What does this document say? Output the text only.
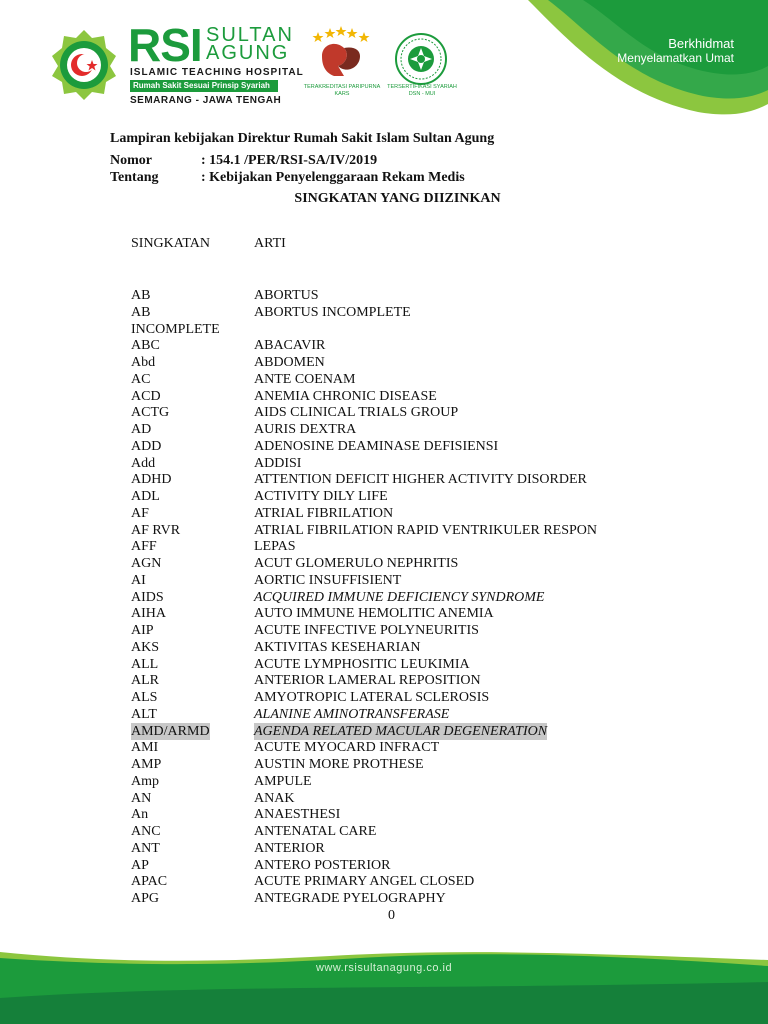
Berkhidmat
Menyelamatkan Umat
RSI SULTAN
AGUNG
ISLAMIC TEACHING HOSPITAL
Rumah Sakit Sesuai Prinsip Syariah
SEMARANG - JAWA TENGAH
TERAKREDITASI PARIPURNA
KARS
TERSERTIFIKASI SYARIAH
DSN - MUI
Lampiran kebijakan Direktur Rumah Sakit Islam Sultan Agung
Nomor	: 154.1 /PER/RSI-SA/IV/2019
Tentang	: Kebijakan Penyelenggaraan Rekam Medis
SINGKATAN YANG DIIZINKAN
SINGKATAN	ARTI
AB	ABORTUS
AB	ABORTUS INCOMPLETE
INCOMPLETE
ABC	ABACAVIR
Abd	ABDOMEN
AC	ANTE COENAM
ACD	ANEMIA CHRONIC DISEASE
ACTG	AIDS CLINICAL TRIALS GROUP
AD	AURIS DEXTRA
ADD	ADENOSINE DEAMINASE DEFISIENSI
Add	ADDISI
ADHD	ATTENTION DEFICIT HIGHER ACTIVITY DISORDER
ADL	ACTIVITY DILY LIFE
AF	ATRIAL FIBRILATION
AF RVR	ATRIAL FIBRILATION RAPID VENTRIKULER RESPON
AFF	LEPAS
AGN	ACUT GLOMERULO NEPHRITIS
AI	AORTIC INSUFFISIENT
AIDS	ACQUIRED IMMUNE DEFICIENCY SYNDROME
AIHA	AUTO IMMUNE HEMOLITIC ANEMIA
AIP	ACUTE INFECTIVE POLYNEURITIS
AKS	AKTIVITAS KESEHARIAN
ALL	ACUTE LYMPHOSITIC LEUKIMIA
ALR	ANTERIOR LAMERAL REPOSITION
ALS	AMYOTROPIC LATERAL SCLEROSIS
ALT	ALANINE AMINOTRANSFERASE
AMD/ARMD	AGENDA RELATED MACULAR DEGENERATION
AMI	ACUTE MYOCARD INFRACT
AMP	AUSTIN MORE PROTHESE
Amp	AMPULE
AN	ANAK
An	ANAESTHESI
ANC	ANTENATAL CARE
ANT	ANTERIOR
AP	ANTERO POSTERIOR
APAC	ACUTE PRIMARY ANGEL CLOSED
APG	ANTEGRADE PYELOGRAPHY
0
www.rsisultanagung.co.id
